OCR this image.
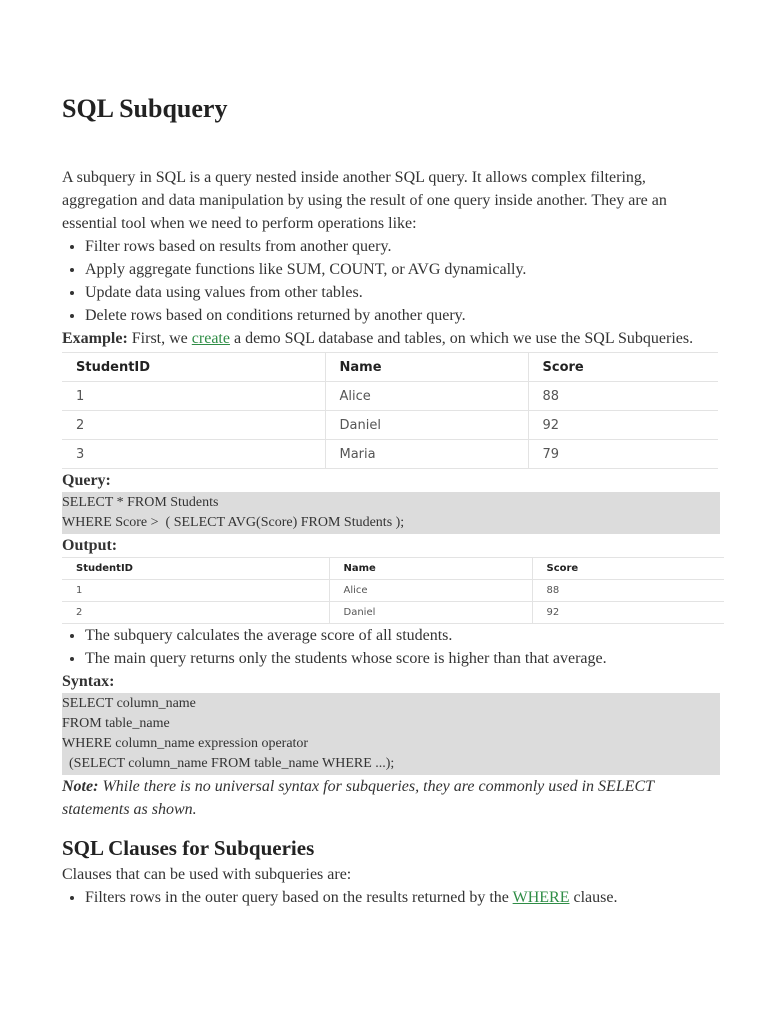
SQL Subquery

A subquery in SQL is a query nested inside another SQL query. It allows complex filtering, aggregation and data manipulation by using the result of one query inside another. They are an essential tool when we need to perform operations like:

• Filter rows based on results from another query.
• Apply aggregate functions like SUM, COUNT, or AVG dynamically.
• Update data using values from other tables.
• Delete rows based on conditions returned by another query.

Example: First, we create a demo SQL database and tables, on which we use the SQL Subqueries.

StudentID	Name	Score
1	Alice	88
2	Daniel	92
3	Maria	79
Query:
SELECT * FROM Students
WHERE Score >  ( SELECT AVG(Score) FROM Students );
Output:
StudentID	Name	Score
1	Alice	88
2	Daniel	92
• The subquery calculates the average score of all students.
• The main query returns only the students whose score is higher than that average.
Syntax:
SELECT column_name
FROM table_name
WHERE column_name expression operator
(SELECT column_name FROM table_name WHERE ...);

Note: While there is no universal syntax for subqueries, they are commonly used in SELECT statements as shown.

SQL Clauses for Subqueries

Clauses that can be used with subqueries are:

• Filters rows in the outer query based on the results returned by the WHERE clause.
